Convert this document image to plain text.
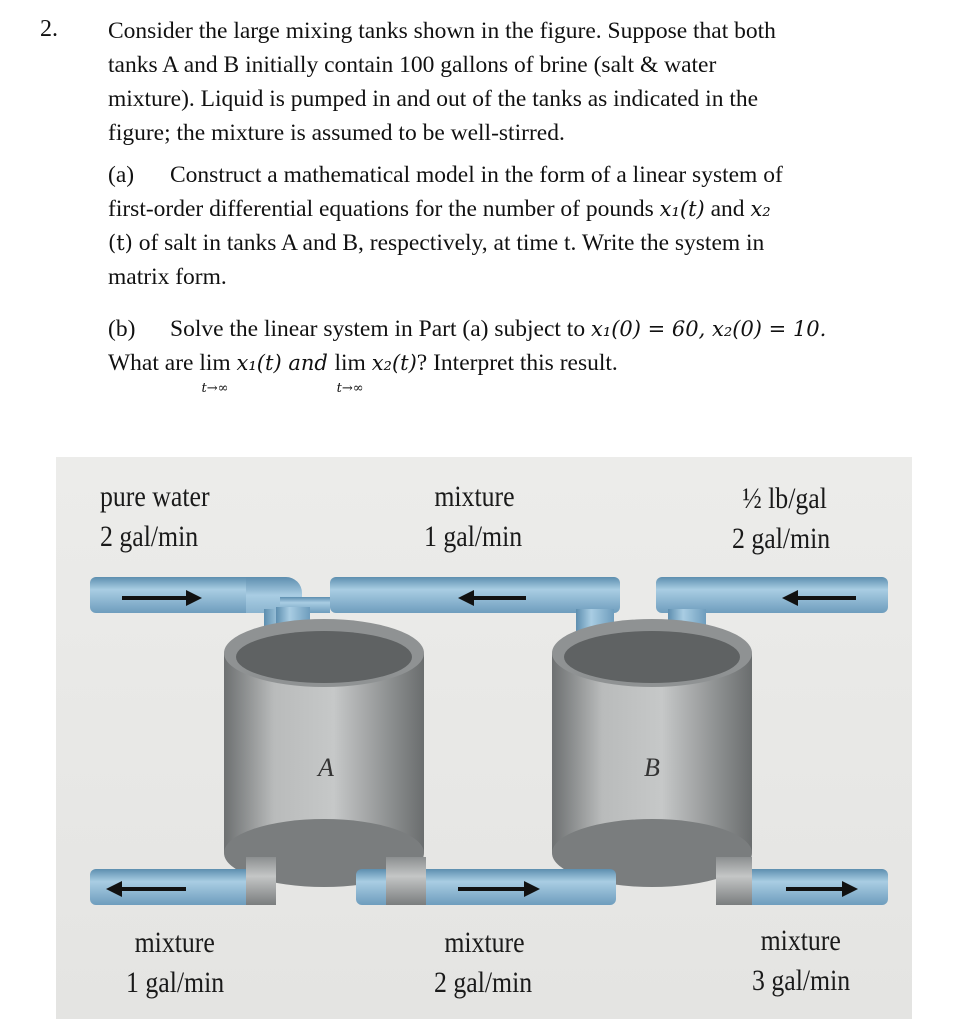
2. Consider the large mixing tanks shown in the figure. Suppose that both
tanks A and B initially contain 100 gallons of brine (salt & water
mixture). Liquid is pumped in and out of the tanks as indicated in the
figure; the mixture is assumed to be well-stirred.
(a) Construct a mathematical model in the form of a linear system of
first-order differential equations for the number of pounds x₁(t) and x₂
(t) of salt in tanks A and B, respectively, at time t. Write the system in
matrix form.
(b) Solve the linear system in Part (a) subject to x₁(0) = 60, x₂(0) = 10.
What are lim
t→∞
x₁(t) and lim
t→∞
x₂(t)? Interpret this result.
A	B
pure water
2 gal/min
mixture
1 gal/min
½ lb/gal
2 gal/min
mixture
1 gal/min
mixture
2 gal/min
mixture
3 gal/min
